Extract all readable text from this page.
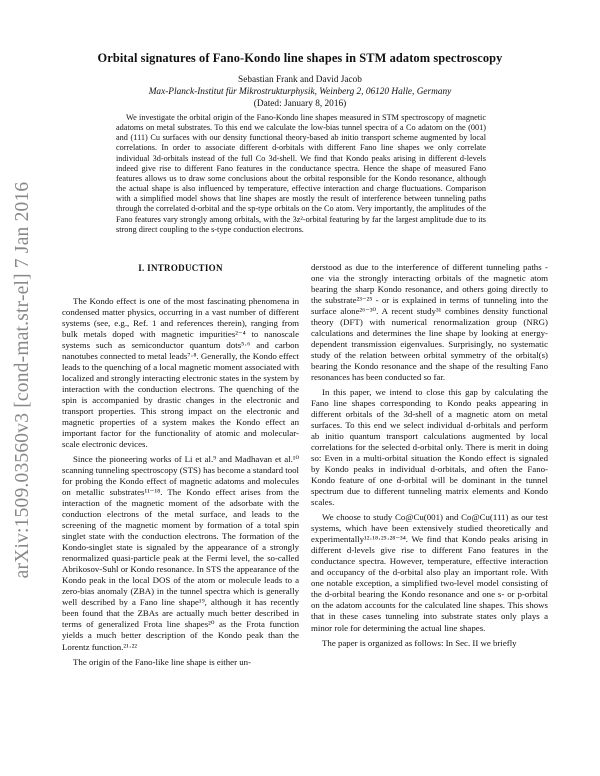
arXiv:1509.03560v3 [cond-mat.str-el] 7 Jan 2016
Orbital signatures of Fano-Kondo line shapes in STM adatom spectroscopy
Sebastian Frank and David Jacob
Max-Planck-Institut für Mikrostrukturphysik, Weinberg 2, 06120 Halle, Germany
(Dated: January 8, 2016)

We investigate the orbital origin of the Fano-Kondo line shapes measured in STM spectroscopy of magnetic adatoms on metal substrates. To this end we calculate the low-bias tunnel spectra of a Co adatom on the (001) and (111) Cu surfaces with our density functional theory-based ab initio transport scheme augmented by local correlations. In order to associate different d-orbitals with different Fano line shapes we only correlate individual 3d-orbitals instead of the full Co 3d-shell. We find that Kondo peaks arising in different d-levels indeed give rise to different Fano features in the conductance spectra. Hence the shape of measured Fano features allows us to draw some conclusions about the orbital responsible for the Kondo resonance, although the actual shape is also influenced by temperature, effective interaction and charge fluctuations. Comparison with a simplified model shows that line shapes are mostly the result of interference between tunneling paths through the correlated d-orbital and the sp-type orbitals on the Co atom. Very importantly, the amplitudes of the Fano features vary strongly among orbitals, with the 3z²-orbital featuring by far the largest amplitude due to its strong direct coupling to the s-type conduction electrons.

I. INTRODUCTION

The Kondo effect is one of the most fascinating phenomena in condensed matter physics, occurring in a vast number of different systems (see, e.g., Ref. 1 and references therein), ranging from bulk metals doped with magnetic impurities²⁻⁴ to nanoscale systems such as semiconductor quantum dots⁵·⁶ and carbon nanotubes connected to metal leads⁷·⁸. Generally, the Kondo effect leads to the quenching of a local magnetic moment associated with localized and strongly interacting electronic states in the system by interaction with the conduction electrons. The quenching of the spin is accompanied by drastic changes in the electronic and transport properties. This strong impact on the electronic and magnetic properties of a system makes the Kondo effect an important factor for the functionality of atomic and molecular-scale electronic devices.

Since the pioneering works of Li et al.⁹ and Madhavan et al.¹⁰ scanning tunneling spectroscopy (STS) has become a standard tool for probing the Kondo effect of magnetic adatoms and molecules on metallic substrates¹¹⁻¹⁸. The Kondo effect arises from the interaction of the magnetic moment of the adsorbate with the conduction electrons of the metal surface, and leads to the screening of the magnetic moment by formation of a total spin singlet state with the conduction electrons. The formation of the Kondo-singlet state is signaled by the appearance of a strongly renormalized quasi-particle peak at the Fermi level, the so-called Abrikosov-Suhl or Kondo resonance. In STS the appearance of the Kondo peak in the local DOS of the atom or molecule leads to a zero-bias anomaly (ZBA) in the tunnel spectra which is generally well described by a Fano line shape¹⁹, although it has recently been found that the ZBAs are actually much better described in terms of generalized Frota line shapes²⁰ as the Frota function yields a much better description of the Kondo peak than the Lorentz function.²¹·²²

The origin of the Fano-like line shape is either un-

derstood as due to the interference of different tunneling paths - one via the strongly interacting orbitals of the magnetic atom bearing the sharp Kondo resonance, and others going directly to the substrate²³⁻²⁵ - or is explained in terms of tunneling into the surface alone²⁶⁻³⁰. A recent study³¹ combines density functional theory (DFT) with numerical renormalization group (NRG) calculations and determines the line shape by looking at energy-dependent transmission eigenvalues. Surprisingly, no systematic study of the relation between orbital symmetry of the orbital(s) bearing the Kondo resonance and the shape of the resulting Fano resonances has been conducted so far.

In this paper, we intend to close this gap by calculating the Fano line shapes corresponding to Kondo peaks appearing in different orbitals of the 3d-shell of a magnetic atom on metal surfaces. To this end we select individual d-orbitals and perform ab initio quantum transport calculations augmented by local correlations for the selected d-orbital only. There is merit in doing so: Even in a multi-orbital situation the Kondo effect is signaled by Kondo peaks in individual d-orbitals, and often the Fano-Kondo feature of one d-orbital will be dominant in the tunnel spectrum due to different tunneling matrix elements and Kondo scales.

We choose to study Co@Cu(001) and Co@Cu(111) as our test systems, which have been extensively studied theoretically and experimentally¹²·¹⁸·²⁵·²⁸⁻³⁴. We find that Kondo peaks arising in different d-levels give rise to different Fano features in the conductance spectra. However, temperature, effective interaction and occupancy of the d-orbital also play an important role. With one notable exception, a simplified two-level model consisting of the d-orbital bearing the Kondo resonance and one s- or p-orbital on the adatom accounts for the calculated line shapes. This shows that in these cases tunneling into substrate states only plays a minor role for determining the actual line shapes.

The paper is organized as follows: In Sec. II we briefly
